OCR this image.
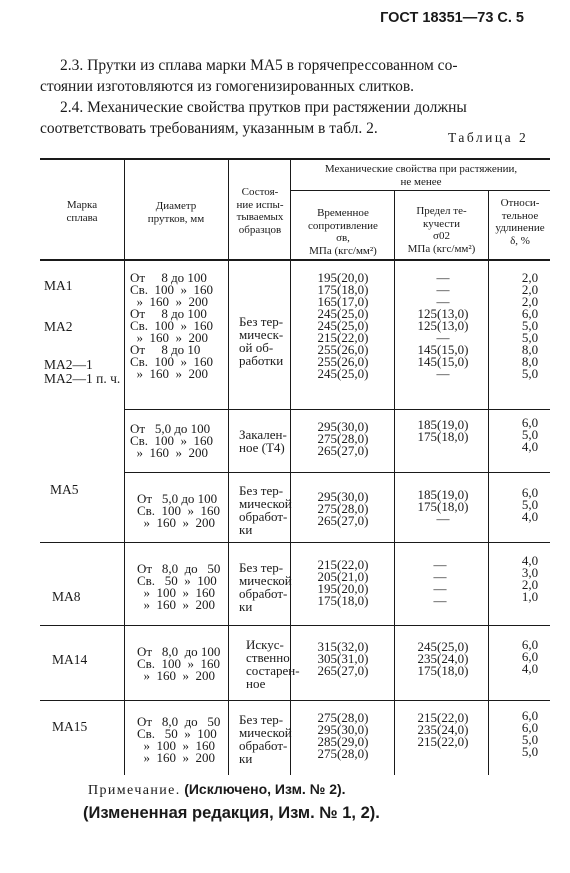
ГОСТ 18351—73 С. 5
2.3. Прутки из сплава марки МА5 в горячепрессованном со-
стоянии изготовляются из гомогенизированных слитков.
2.4. Механические свойства прутков при растяжении должны
соответствовать требованиям, указанным в табл. 2.
Таблица 2
Марка
сплава
Диаметр
прутков, мм
Состоя-
ние испы-
тываемых
образцов
Механические свойства при растяжении,
не менее
Временное
сопротивление
σв,
МПа (кгс/мм²)
Предел те-
кучести
σ02
МПа (кгс/мм²)
Относи-
тельное
удлинение
δ, %
МА1
МА2
МА2—1
МА2—1 п. ч.
Без тер-
мическ-
ой об-
работки
От     8 до 100
Св.  100  »  160
»  160  »  200
От     8 до 100
Св.  100  »  160
»  160  »  200
От     8 до 10
Св.  100  »  160
»  160  »  200
195(20,0)
175(18,0)
165(17,0)
245(25,0)
245(25,0)
215(22,0)
255(26,0)
255(26,0)
245(25,0)
—
—
—
125(13,0)
125(13,0)
—
145(15,0)
145(15,0)
—
2,0
2,0
2,0
6,0
5,0
5,0
8,0
8,0
5,0
МА5
Закален-
ное (Т4)
От   5,0 до 100
Св.  100  »  160
»  160  »  200
295(30,0)
275(28,0)
265(27,0)
185(19,0)
175(18,0)

6,0
5,0
4,0
Без тер-
мической
обработ-
ки
От   5,0 до 100
Св.  100  »  160
»  160  »  200
295(30,0)
275(28,0)
265(27,0)
185(19,0)
175(18,0)
—
6,0
5,0
4,0
МА8
Без тер-
мической
обработ-
ки
От   8,0  до   50
Св.   50  »  100
»  100  »  160
»  160  »  200
215(22,0)
205(21,0)
195(20,0)
175(18,0)
—
—
—
—
4,0
3,0
2,0
1,0
МА14
Искус-
ственно
состарен-
ное
От   8,0  до 100
Св.  100  »  160
»  160  »  200
315(32,0)
305(31,0)
265(27,0)
245(25,0)
235(24,0)
175(18,0)
6,0
6,0
4,0
МА15	Без тер-
мической
обработ-
ки
От   8,0  до   50
Св.   50  »  100
»  100  »  160
»  160  »  200
275(28,0)
295(30,0)
285(29,0)
275(28,0)
215(22,0)
235(24,0)
215(22,0)

6,0
6,0
5,0
5,0
Примечание. (Исключено, Изм. № 2).
(Измененная редакция, Изм. № 1, 2).
